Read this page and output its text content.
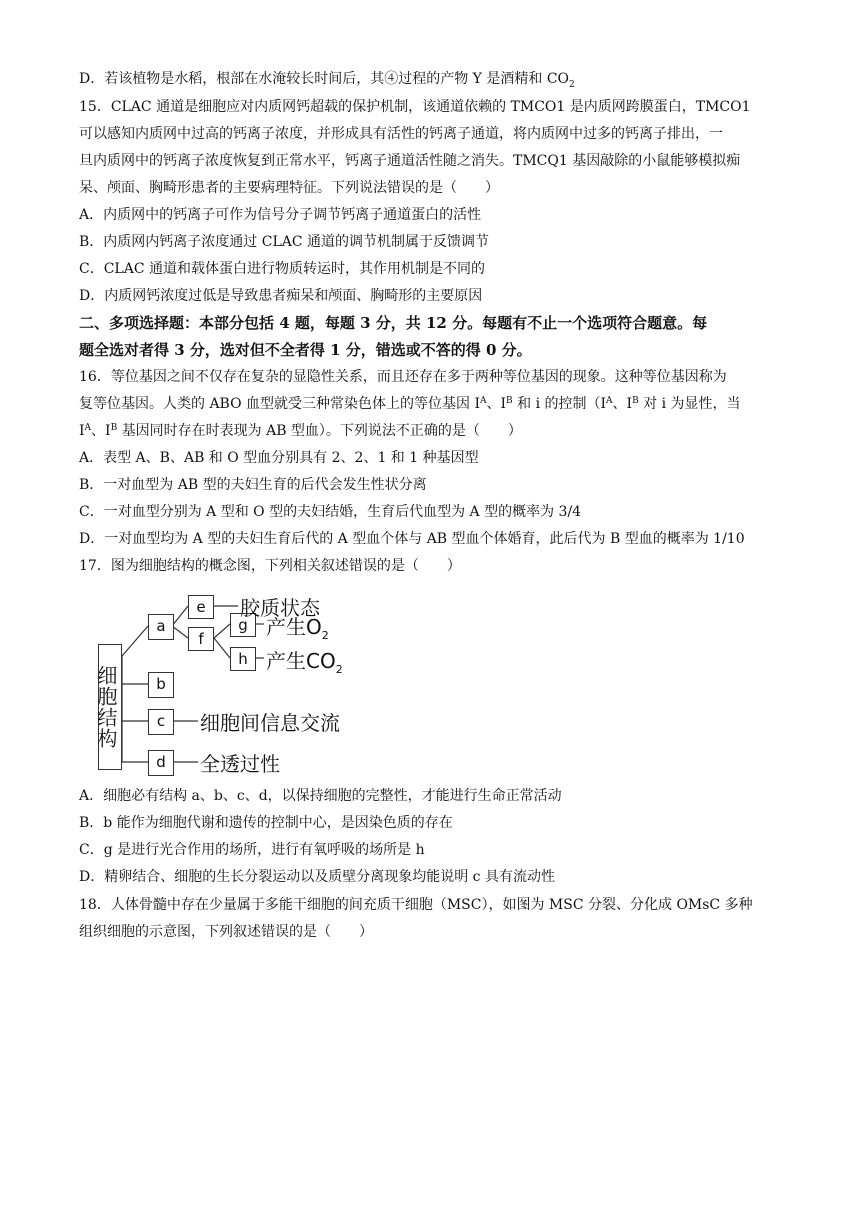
D．若该植物是水稻，根部在水淹较长时间后，其④过程的产物 Y 是酒精和 $CO_2$
15．CLAC 通道是细胞应对内质网钙超载的保护机制，该通道依赖的 TMCO1 是内质网跨膜蛋白，TMCO1
可以感知内质网中过高的钙离子浓度，并形成具有活性的钙离子通道，将内质网中过多的钙离子排出，一
旦内质网中的钙离子浓度恢复到正常水平，钙离子通道活性随之消失。TMCQ1 基因敲除的小鼠能够模拟痴
呆、颅面、胸畸形患者的主要病理特征。下列说法错误的是（　　）
A．内质网中的钙离子可作为信号分子调节钙离子通道蛋白的活性
B．内质网内钙离子浓度通过 CLAC 通道的调节机制属于反馈调节
C．CLAC 通道和载体蛋白进行物质转运时，其作用机制是不同的
D．内质网钙浓度过低是导致患者痴呆和颅面、胸畸形的主要原因
二、多项选择题：本部分包括 4 题，每题 3 分，共 12 分。每题有不止一个选项符合题意。每
题全选对者得 3 分，选对但不全者得 1 分，错选或不答的得 0 分。
16．等位基因之间不仅存在复杂的显隐性关系，而且还存在多于两种等位基因的现象。这种等位基因称为
复等位基因。人类的 ABO 血型就受三种常染色体上的等位基因 $I^A$、$I^B$ 和 i 的控制（$I^A$、$I^B$ 对 i 为显性，当
$I^A$、$I^B$ 基因同时存在时表现为 AB 型血）。下列说法不正确的是（　　）
A．表型 A、B、AB 和 O 型血分别具有 2、2、1 和 1 种基因型
B．一对血型为 AB 型的夫妇生育的后代会发生性状分离
C．一对血型分别为 A 型和 O 型的夫妇结婚，生育后代血型为 A 型的概率为 3/4
D．一对血型均为 A 型的夫妇生育后代的 A 型血个体与 AB 型血个体婚育，此后代为 B 型血的概率为 1/10
17．图为细胞结构的概念图，下列相关叙述错误的是（　　）
细胞结构
a
b
c
d
e
f
g
h
胶质状态
产生$O_2$
产生$CO_2$
细胞间信息交流
全透过性
A．细胞必有结构 a、b、c、d，以保持细胞的完整性，才能进行生命正常活动
B．b 能作为细胞代谢和遗传的控制中心，是因染色质的存在
C．g 是进行光合作用的场所，进行有氧呼吸的场所是 h
D．精卵结合、细胞的生长分裂运动以及质壁分离现象均能说明 c 具有流动性
18．人体骨髓中存在少量属于多能干细胞的间充质干细胞（MSC），如图为 MSC 分裂、分化成 OMsC 多种
组织细胞的示意图，下列叙述错误的是（　　）
